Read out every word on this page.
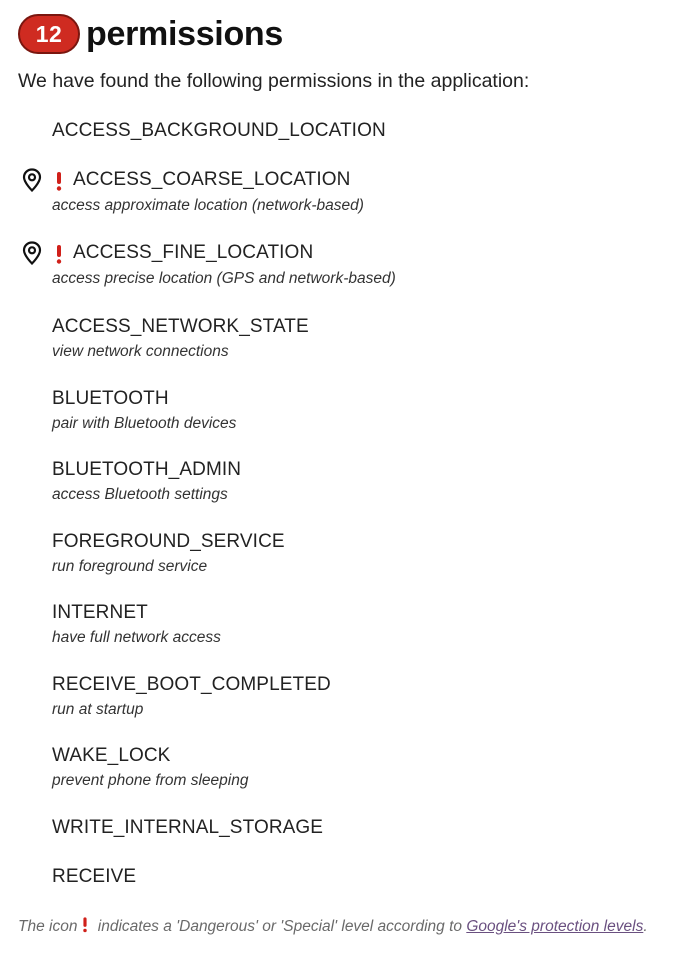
12 permissions
We have found the following permissions in the application:
ACCESS_BACKGROUND_LOCATION
ACCESS_COARSE_LOCATION
access approximate location (network-based)
ACCESS_FINE_LOCATION
access precise location (GPS and network-based)
ACCESS_NETWORK_STATE
view network connections
BLUETOOTH
pair with Bluetooth devices
BLUETOOTH_ADMIN
access Bluetooth settings
FOREGROUND_SERVICE
run foreground service
INTERNET
have full network access
RECEIVE_BOOT_COMPLETED
run at startup
WAKE_LOCK
prevent phone from sleeping
WRITE_INTERNAL_STORAGE
RECEIVE
The icon indicates a 'Dangerous' or 'Special' level according to Google's protection levels.
